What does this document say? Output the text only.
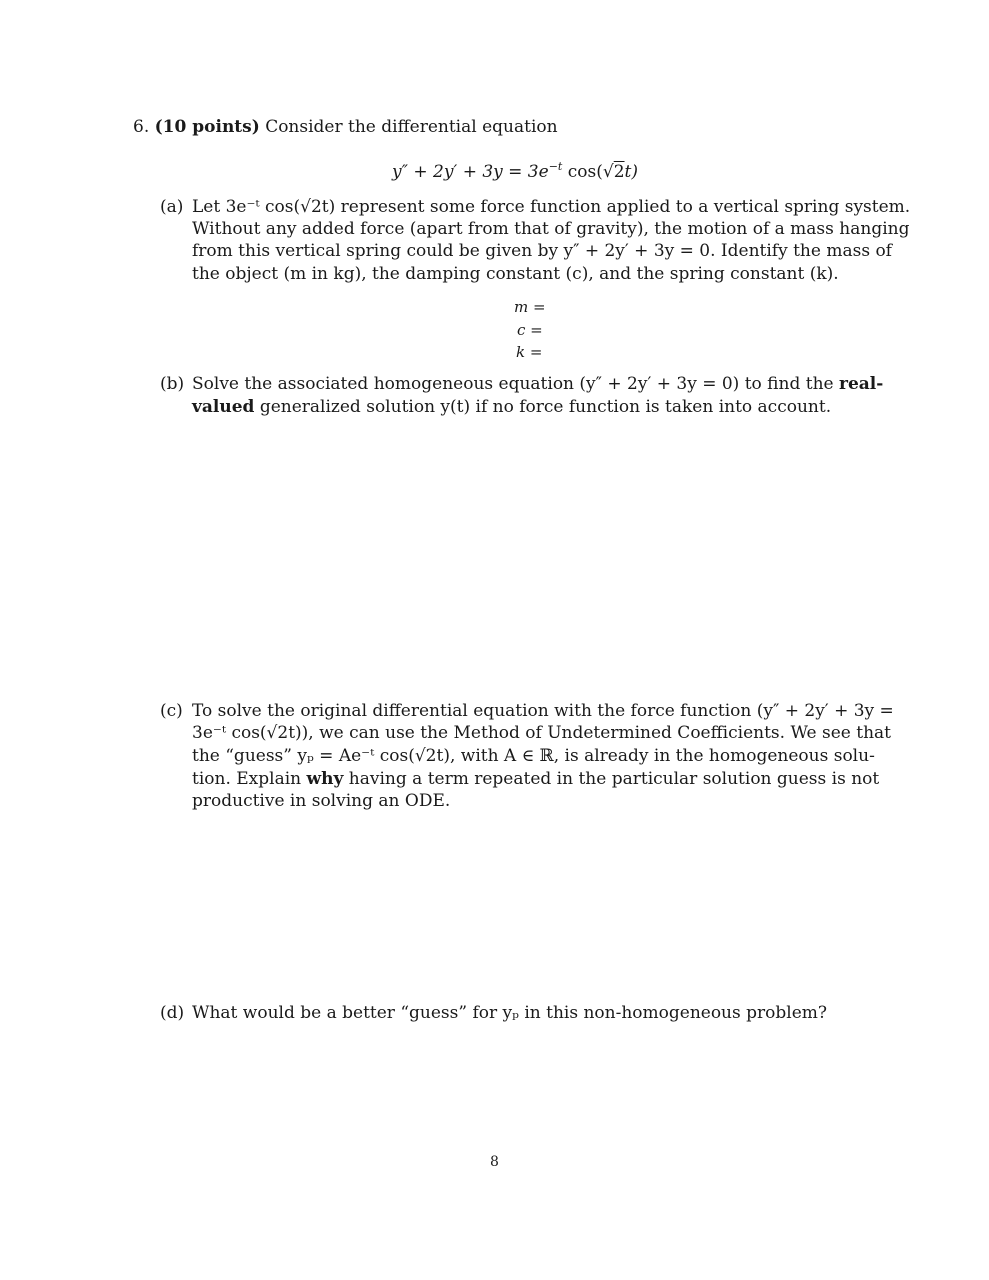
6. (10 points) Consider the differential equation
$y'' + 2y' + 3y = 3e^{-t}$ cos(√2t)
(a) Let 3e⁻ᵗ cos(√2t) represent some force function applied to a vertical spring system.
Without any added force (apart from that of gravity), the motion of a mass hanging
from this vertical spring could be given by y″ + 2y′ + 3y = 0. Identify the mass of
the object (m in kg), the damping constant (c), and the spring constant (k).
m =
c =
k =
(b) Solve the associated homogeneous equation (y″ + 2y′ + 3y = 0) to find the real-
valued generalized solution y(t) if no force function is taken into account.
(c) To solve the original differential equation with the force function (y″ + 2y′ + 3y =
3e⁻ᵗ cos(√2t)), we can use the Method of Undetermined Coefficients. We see that
the “guess” yₚ = Ae⁻ᵗ cos(√2t), with A ∈ ℝ, is already in the homogeneous solu-
tion. Explain why having a term repeated in the particular solution guess is not
productive in solving an ODE.
(d) What would be a better “guess” for yₚ in this non-homogeneous problem?
8
